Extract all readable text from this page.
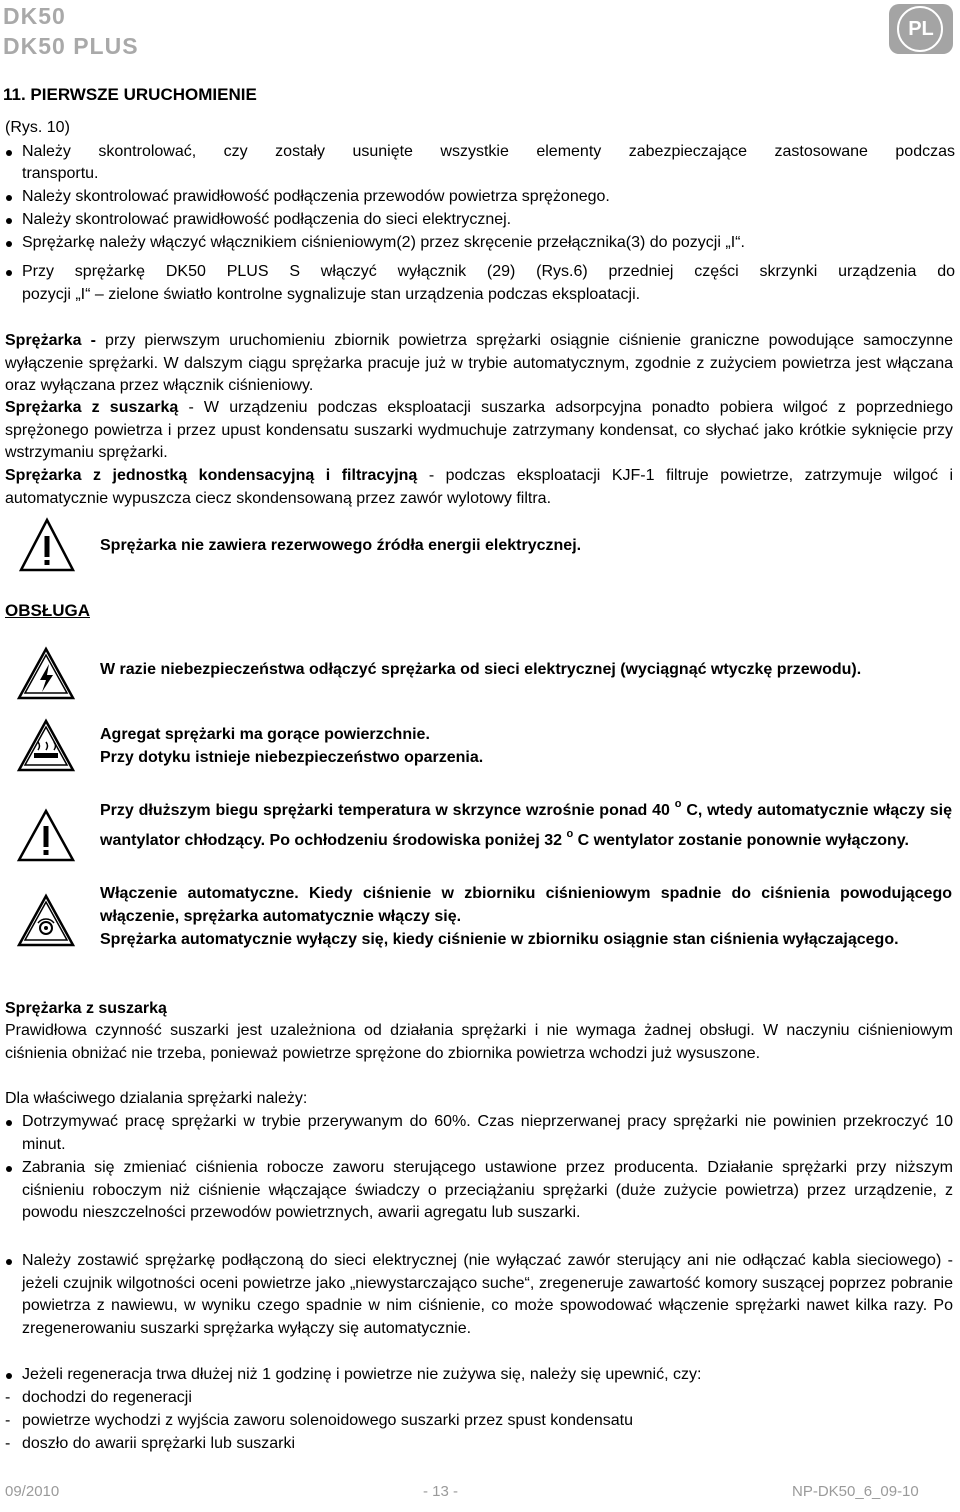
DK50
DK50 PLUS
PL
11. PIERWSZE URUCHOMIENIE
(Rys. 10)
Należy skontrolować, czy zostały usunięte wszystkie elementy zabezpieczające zastosowane podczas
transportu.
Należy skontrolować prawidłowość podłączenia przewodów powietrza sprężonego.
Należy skontrolować prawidłowość podłączenia do sieci elektrycznej.
Sprężarkę należy włączyć włącznikiem ciśnieniowym(2) przez skręcenie przełącznika(3) do pozycji „I“.
Przy sprężarkę DK50 PLUS S włączyć wyłącznik (29) (Rys.6) przedniej części skrzynki urządzenia do
pozycji „I“ – zielone światło kontrolne sygnalizuje stan urządzenia podczas eksploatacji.
Sprężarka - przy pierwszym uruchomieniu zbiornik powietrza sprężarki osiągnie ciśnienie graniczne powodujące samoczynne wyłączenie sprężarki. W dalszym ciągu sprężarka pracuje już w trybie automatycznym, zgodnie z zużyciem powietrza jest włączana oraz wyłączana przez włącznik ciśnieniowy.
Sprężarka z suszarką - W urządzeniu podczas eksploatacji suszarka adsorpcyjna ponadto pobiera wilgoć z poprzedniego sprężonego powietrza i przez upust kondensatu suszarki wydmuchuje zatrzymany kondensat, co słychać jako krótkie syknięcie przy wstrzymaniu sprężarki.
Sprężarka z jednostką kondensacyjną i filtracyjną - podczas eksploatacji KJF-1 filtruje powietrze, zatrzymuje wilgoć i automatycznie wypuszcza ciecz skondensowaną przez zawór wylotowy filtra.
Sprężarka nie zawiera rezerwowego źródła energii elektrycznej.
OBSŁUGA
W razie niebezpieczeństwa odłączyć sprężarka od sieci elektrycznej (wyciągnąć wtyczkę przewodu).
Agregat sprężarki ma gorące powierzchnie.
Przy dotyku istnieje niebezpieczeństwo oparzenia.
Przy dłuższym biegu sprężarki temperatura w skrzynce wzrośnie ponad 40 $^o$ C, wtedy automatycznie włączy się wantylator chłodzący. Po ochłodzeniu środowiska poniżej 32 $^o$ C wentylator zostanie ponownie wyłączony.
Włączenie automatyczne. Kiedy ciśnienie w zbiorniku ciśnieniowym spadnie do ciśnienia powodującego włączenie, sprężarka automatycznie włączy się.
Sprężarka automatycznie wyłączy się, kiedy ciśnienie w zbiorniku osiągnie stan ciśnienia wyłączającego.
Sprężarka z suszarką
Prawidłowa czynność suszarki jest uzależniona od działania sprężarki i nie wymaga żadnej obsługi. W naczyniu ciśnieniowym ciśnienia obniżać nie trzeba, ponieważ powietrze sprężone do zbiornika powietrza wchodzi już wysuszone.
Dla właściwego dzialania sprężarki należy:
Dotrzymywać pracę sprężarki w trybie przerywanym do 60%. Czas nieprzerwanej pracy sprężarki nie powinien przekroczyć 10 minut.
Zabrania się zmieniać ciśnienia robocze zaworu sterującego ustawione przez producenta. Działanie sprężarki przy niższym ciśnieniu roboczym niż ciśnienie włączające świadczy o przeciążaniu sprężarki (duże zużycie powietrza) przez urządzenie, z powodu nieszczelności przewodów powietrznych, awarii agregatu lub suszarki.
Należy zostawić sprężarkę podłączoną do sieci elektrycznej (nie wyłączać zawór sterujący ani nie odłączać kabla sieciowego) - jeżeli czujnik wilgotności oceni powietrze jako „niewystarczająco suche“, zregeneruje zawartość komory suszącej poprzez pobranie powietrza z nawiewu, w wyniku czego spadnie w nim ciśnienie, co może spowodować włączenie sprężarki nawet kilka razy. Po zregenerowaniu suszarki sprężarka wyłączy się automatycznie.
Jeżeli regeneracja trwa dłużej niż 1 godzinę i powietrze nie zużywa się, należy się upewnić, czy:
- dochodzi do regeneracji
- powietrze wychodzi z wyjścia zaworu solenoidowego suszarki przez spust kondensatu
- doszło do awarii sprężarki lub suszarki
09/2010	- 13 -	NP-DK50_6_09-10
